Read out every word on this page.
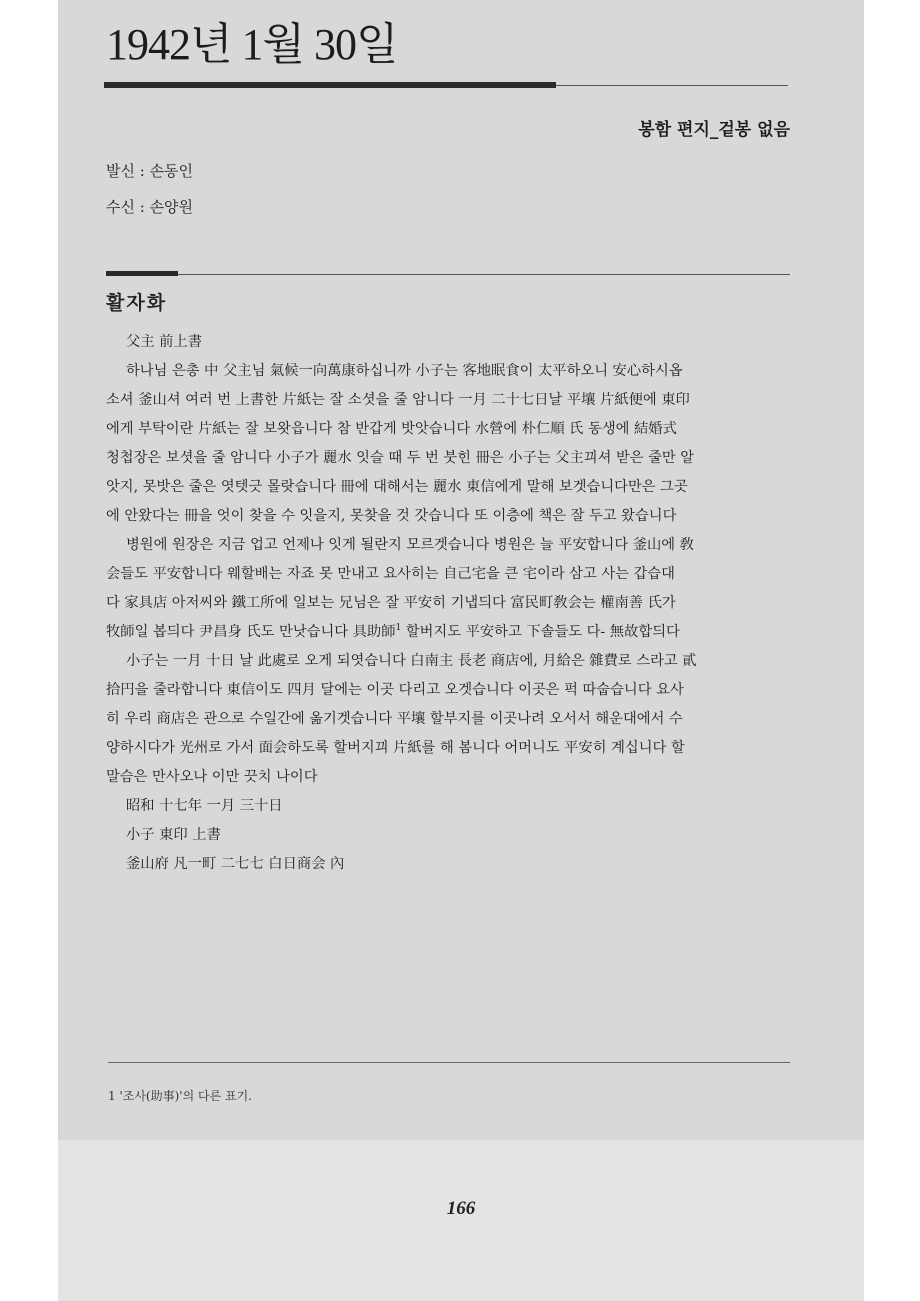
1942년 1월 30일
봉함 편지_겉봉 없음
발신 : 손동인
수신 : 손양원
활자화
父主 前上書
하나님 은총 中 父主님 氣候一向萬康하십니까 小子는 客地眠食이 太平하오니 安心하시옵
소셔 釜山셔 여러 번 上書한 片紙는 잘 소셧을 줄 암니다 一月 二十七日날 平壤 片紙便에 東印
에게 부탁이란 片紙는 잘 보왓읍니다 참 반갑게 밧앗습니다 水營에 朴仁順 氏 동생에 結婚式
청첩장은 보셧을 줄 암니다 小子가 麗水 잇슬 때 두 번 붓힌 冊은 小子는 父主끠셔 받은 줄만 알
앗지, 못밧은 줄은 엿텟긋 몰랏습니다 冊에 대해서는 麗水 東信에게 말해 보겟습니다만은 그곳
에 안왔다는 冊을 엇이 찾을 수 잇을지, 못찾을 것 갓습니다 또 이층에 책은 잘 두고 왔습니다
병원에 원장은 지금 업고 언제나 잇게 될란지 모르겟습니다 병원은 늘 平安합니다 釜山에 敎
会들도 平安합니다 웨할배는 자죠 못 만내고 요사히는 自己宅을 큰 宅이라 삼고 사는 갑습대
다 家具店 아저씨와 鐵工所에 일보는 兄님은 잘 平安히 기냅듸다 富民町敎会는 權南善 氏가
牧師일 봅듸다 尹昌身 氏도 만낫습니다 具助師$^1$ 할버지도 平安하고 下솔들도 다- 無故합듸다
小子는 一月 十日 날 此處로 오게 되엿습니다 白南主 長老 商店에, 月給은 雜費로 스라고 貳
拾円을 줄라합니다 東信이도 四月 달에는 이곳 다리고 오겟습니다 이곳은 퍽 따숩습니다 요사
히 우리 商店은 관으로 수일간에 옮기겟습니다 平壤 할부지를 이곳나려 오서서 해운대에서 수
양하시다가 光州로 가서 面会하도록 할버지끠 片紙를 해 봄니다 어머니도 平安히 계십니다 할
말슴은 만사오나 이만 끗치 나이다
昭和 十七年 一月 三十日
小子 東印 上書
釜山府 凡一町 二七七 白日商会 內
1 '조사(助事)'의 다른 표기.
166
